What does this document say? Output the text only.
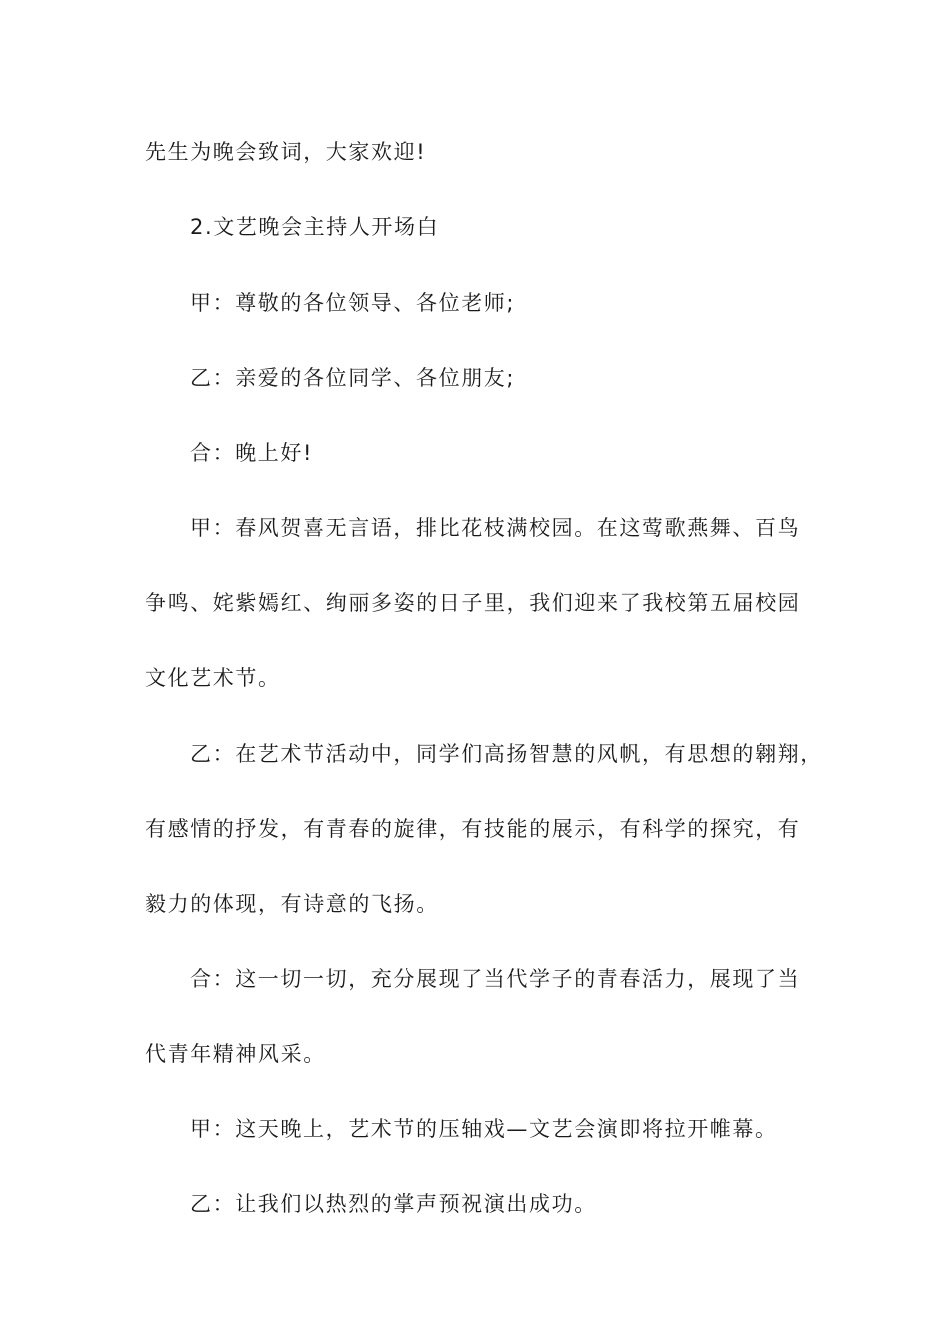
先生为晚会致词，大家欢迎!
2.文艺晚会主持人开场白
甲：尊敬的各位领导、各位老师;
乙：亲爱的各位同学、各位朋友;
合：晚上好!
甲：春风贺喜无言语，排比花枝满校园。在这莺歌燕舞、百鸟
争鸣、姹紫嫣红、绚丽多姿的日子里，我们迎来了我校第五届校园
文化艺术节。
乙：在艺术节活动中，同学们高扬智慧的风帆，有思想的翱翔，
有感情的抒发，有青春的旋律，有技能的展示，有科学的探究，有
毅力的体现，有诗意的飞扬。
合：这一切一切，充分展现了当代学子的青春活力，展现了当
代青年精神风采。
甲：这天晚上，艺术节的压轴戏—文艺会演即将拉开帷幕。
乙：让我们以热烈的掌声预祝演出成功。
